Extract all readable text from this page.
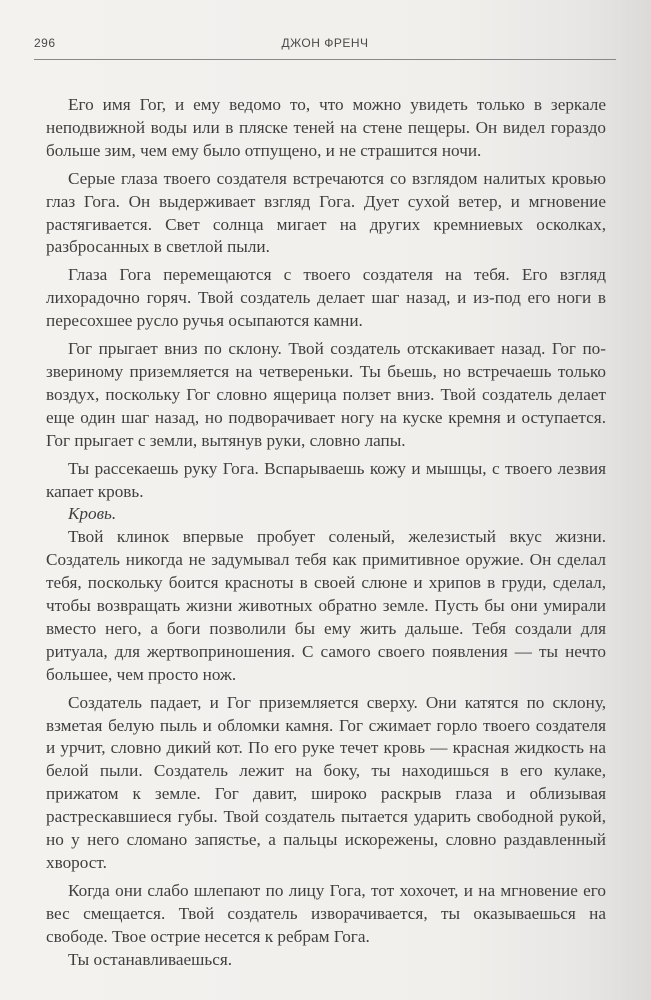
296	ДЖОН ФРЕНЧ

Его имя Гог, и ему ведомо то, что можно увидеть только в зеркале неподвижной воды или в пляске теней на стене пещеры. Он видел гораздо больше зим, чем ему было отпущено, и не страшится ночи.

Серые глаза твоего создателя встречаются со взглядом налитых кровью глаз Гога. Он выдерживает взгляд Гога. Дует сухой ветер, и мгновение растягивается. Свет солнца мигает на других кремниевых осколках, разбросанных в светлой пыли.

Глаза Гога перемещаются с твоего создателя на тебя. Его взгляд лихорадочно горяч. Твой создатель делает шаг назад, и из-под его ноги в пересохшее русло ручья осыпаются камни.

Гог прыгает вниз по склону. Твой создатель отскакивает назад. Гог по-звериному приземляется на четвереньки. Ты бьешь, но встречаешь только воздух, поскольку Гог словно ящерица ползет вниз. Твой создатель делает еще один шаг назад, но подворачивает ногу на куске кремня и оступается. Гог прыгает с земли, вытянув руки, словно лапы.

Ты рассекаешь руку Гога. Вспарываешь кожу и мышцы, с твоего лезвия капает кровь.

Кровь.

Твой клинок впервые пробует соленый, железистый вкус жизни. Создатель никогда не задумывал тебя как примитивное оружие. Он сделал тебя, поскольку боится красноты в своей слюне и хрипов в груди, сделал, чтобы возвращать жизни животных обратно земле. Пусть бы они умирали вместо него, а боги позволили бы ему жить дальше. Тебя создали для ритуала, для жертвоприношения. С самого своего появления — ты нечто большее, чем просто нож.

Создатель падает, и Гог приземляется сверху. Они катятся по склону, взметая белую пыль и обломки камня. Гог сжимает горло твоего создателя и урчит, словно дикий кот. По его руке течет кровь — красная жидкость на белой пыли. Создатель лежит на боку, ты находишься в его кулаке, прижатом к земле. Гог давит, широко раскрыв глаза и облизывая растрескавшиеся губы. Твой создатель пытается ударить свободной рукой, но у него сломано запястье, а пальцы искорежены, словно раздавленный хворост.

Когда они слабо шлепают по лицу Гога, тот хохочет, и на мгновение его вес смещается. Твой создатель изворачивается, ты оказываешься на свободе. Твое острие несется к ребрам Гога.

Ты останавливаешься.
